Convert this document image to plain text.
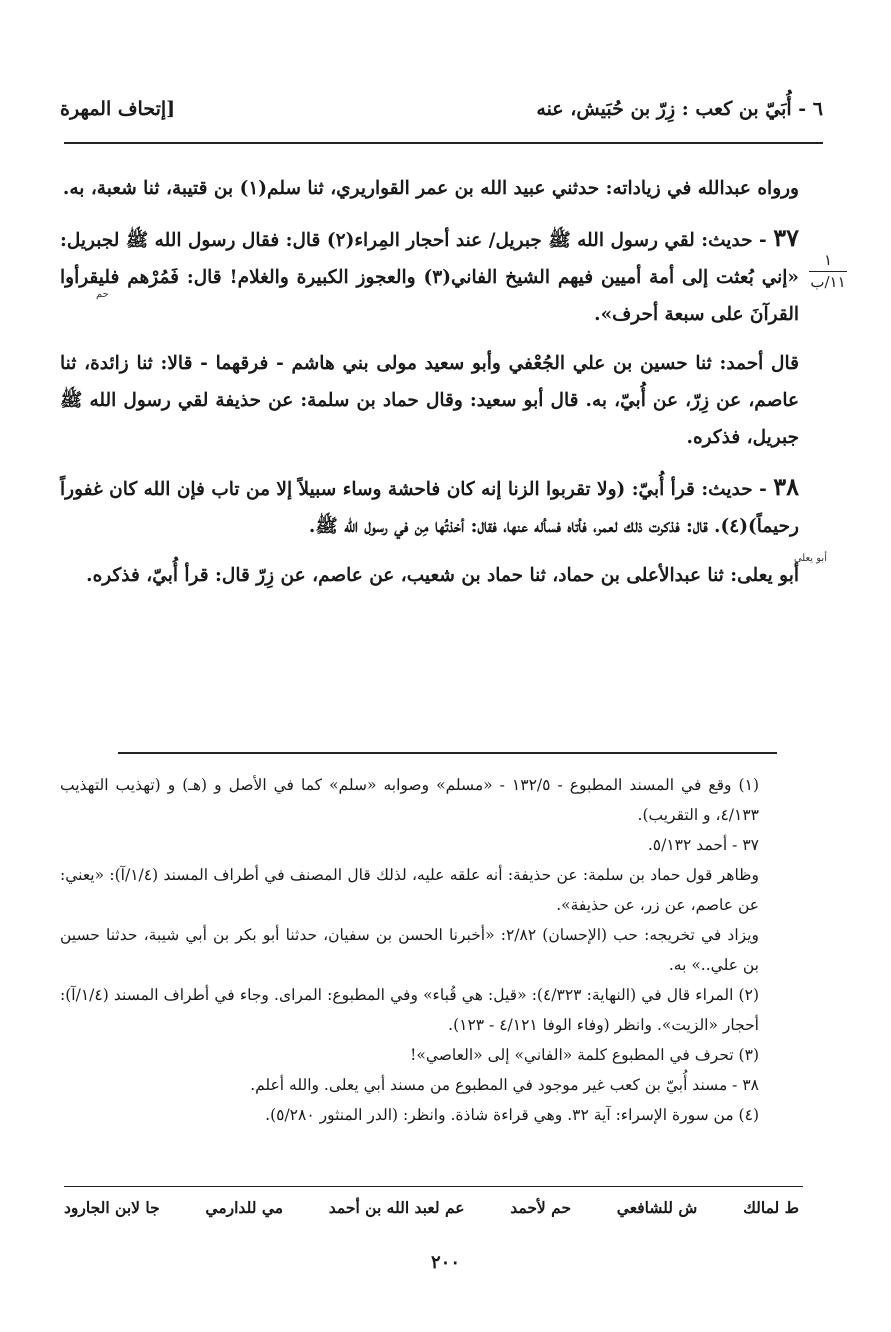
٦ - أُبَيّ بن كعب : زِرّ بن حُبَيش، عنه
[إتحاف المهرة
١
١١/ب
حم
أبو يعلى

ورواه عبدالله في زياداته: حدثني عبيد الله بن عمر القواريري، ثنا سلم(١) بن قتيبة، ثنا شعبة، به.

٣٧ - حديث: لقي رسول الله ﷺ جبريل/ عند أحجار المِراء(٢) قال: فقال رسول الله ﷺ لجبريل: «إني بُعثت إلى أمة أميين فيهم الشيخ الفاني(٣) والعجوز الكبيرة والغلام! قال: فَمُرْهم فليقرأوا القرآنَ على سبعة أحرف».

قال أحمد: ثنا حسين بن علي الجُعْفي وأبو سعيد مولى بني هاشم - فرقهما - قالا: ثنا زائدة، ثنا عاصم، عن زِرّ، عن أُبيّ، به. قال أبو سعيد: وقال حماد بن سلمة: عن حذيفة لقي رسول الله ﷺ جبريل، فذكره.

٣٨ - حديث: قرأ أُبيّ: (ولا تقربوا الزنا إنه كان فاحشة وساء سبيلاً إلا من تاب فإن الله كان غفوراً رحيماً)(٤). قال: فذكرت ذلك لعمر، فأتاه فسأله عنها، فقال: أخذتُها مِن في رسول الله ﷺ.

أبو يعلى: ثنا عبدالأعلى بن حماد، ثنا حماد بن شعيب، عن عاصم، عن زِرّ قال: قرأ أُبيّ، فذكره.

(١) وقع في المسند المطبوع - ١٣٢/٥ - «مسلم» وصوابه «سلم» كما في الأصل و (هـ) و (تهذيب التهذيب ٤/١٣٣، و التقريب).

٣٧ - أحمد ٥/١٣٢.

وظاهر قول حماد بن سلمة: عن حذيفة: أنه علقه عليه، لذلك قال المصنف في أطراف المسند (١/٤/آ): «يعني: عن عاصم، عن زر، عن حذيفة».

ويزاد في تخريجه: حب (الإحسان) ٢/٨٢: «أخبرنا الحسن بن سفيان، حدثنا أبو بكر بن أبي شيبة، حدثنا حسين بن علي..» به.

(٢) المراء قال في (النهاية: ٤/٣٢٣): «قيل: هي قُباء» وفي المطبوع: المراى. وجاء في أطراف المسند (١/٤/آ): أحجار «الزيت». وانظر (وفاء الوفا ٤/١٢١ - ١٢٣).

(٣) تحرف في المطبوع كلمة «الفاني» إلى «العاصي»!

٣٨ - مسند أُبيّ بن كعب غير موجود في المطبوع من مسند أبي يعلى. والله أعلم.

(٤) من سورة الإسراء: آية ٣٢. وهي قراءة شاذة. وانظر: (الدر المنثور ٥/٢٨٠).

ط لمالك
ش للشافعي
حم لأحمد
عم لعبد الله بن أحمد
مي للدارمي
جا لابن الجارود
٢٠٠
